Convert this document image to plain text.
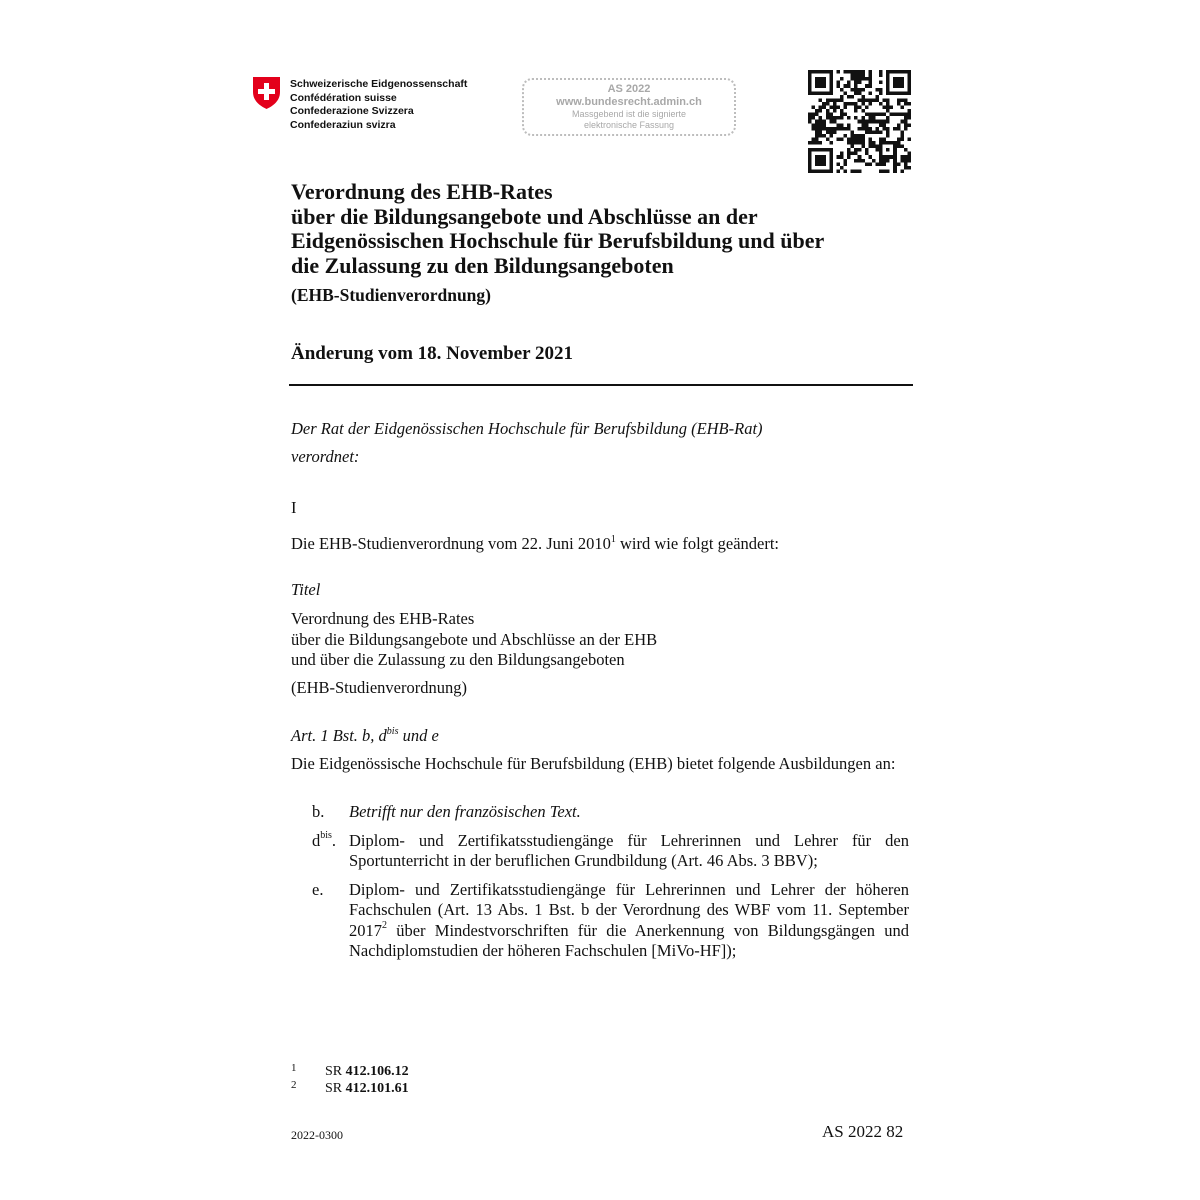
Schweizerische Eidgenossenschaft
Confédération suisse
Confederazione Svizzera
Confederaziun svizra
AS 2022
www.bundesrecht.admin.ch
Massgebend ist die signierte
elektronische Fassung
Verordnung des EHB-Rates
über die Bildungsangebote und Abschlüsse an der
Eidgenössischen Hochschule für Berufsbildung und über
die Zulassung zu den Bildungsangeboten
(EHB-Studienverordnung)
Änderung vom 18. November 2021
Der Rat der Eidgenössischen Hochschule für Berufsbildung (EHB-Rat)
verordnet:
I
Die EHB-Studienverordnung vom 22. Juni 2010$^1$ wird wie folgt geändert:
Titel
Verordnung des EHB-Rates
über die Bildungsangebote und Abschlüsse an der EHB
und über die Zulassung zu den Bildungsangeboten
(EHB-Studienverordnung)
Art. 1 Bst. b, $d^{bis}$ und e
Die Eidgenössische Hochschule für Berufsbildung (EHB) bietet folgende Ausbildungen an:
b. Betrifft nur den französischen Text.
$d^{bis}$. Diplom- und Zertifikatsstudiengänge für Lehrerinnen und Lehrer für den Sportunterricht in der beruflichen Grundbildung (Art. 46 Abs. 3 BBV);
e. Diplom- und Zertifikatsstudiengänge für Lehrerinnen und Lehrer der höheren Fachschulen (Art. 13 Abs. 1 Bst. b der Verordnung des WBF vom 11. September 2017$^2$ über Mindestvorschriften für die Anerkennung von Bildungsgängen und Nachdiplomstudien der höheren Fachschulen [MiVo-HF]);
1 SR 412.106.12
2 SR 412.101.61
2022-0300	AS 2022 82
